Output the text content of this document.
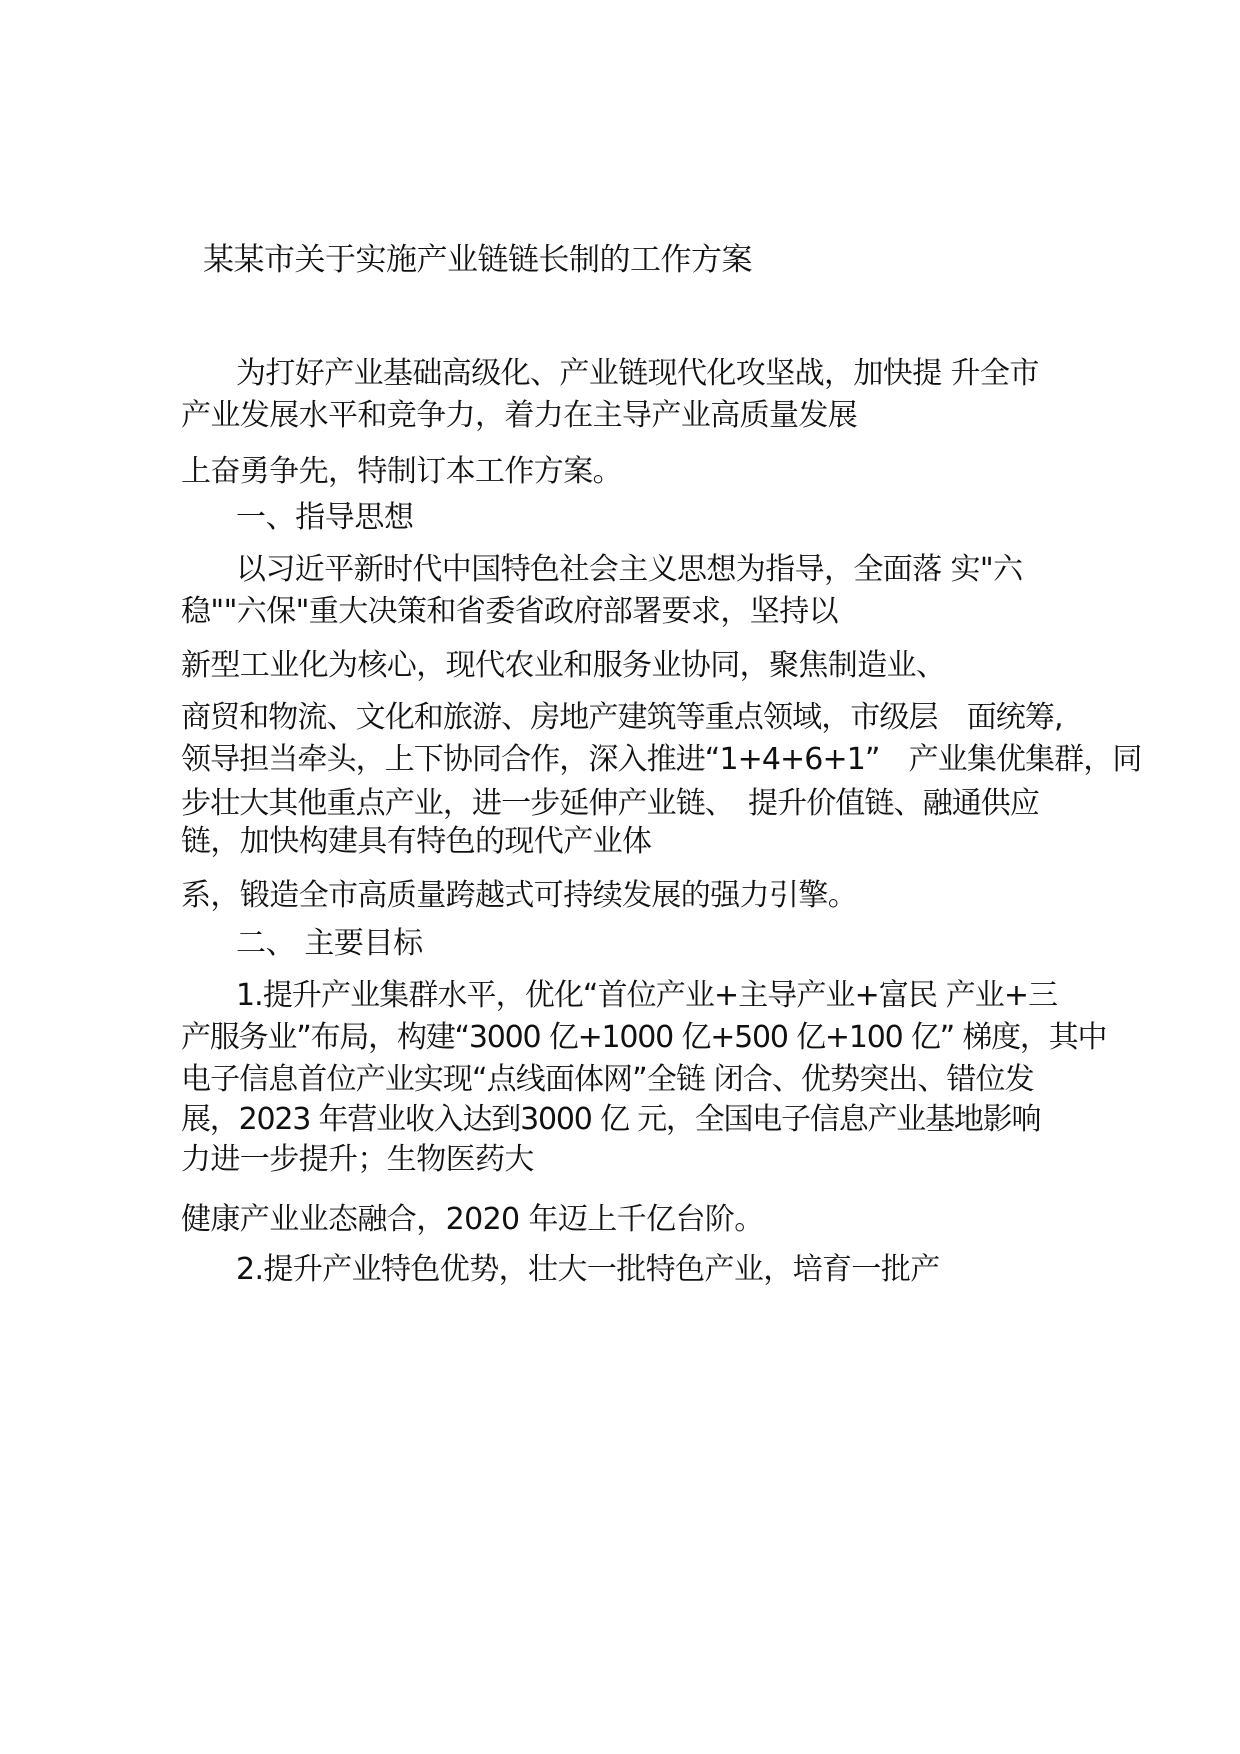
某某市关于实施产业链链长制的工作方案

为打好产业基础高级化、产业链现代化攻坚战，加快提 升全市

产业发展水平和竞争力，着力在主导产业高质量发展

上奋勇争先，特制订本工作方案。

一、指导思想

以习近平新时代中国特色社会主义思想为指导，全面落 实"六

稳""六保"重大决策和省委省政府部署要求，坚持以

新型工业化为核心，现代农业和服务业协同，聚焦制造业、

商贸和物流、文化和旅游、房地产建筑等重点领域，市级层　面统筹,

领导担当牵头，上下协同合作，深入推进“1+4+6+1”　产业集优集群，同

步壮大其他重点产业，进一步延伸产业链、　提升价值链、融通供应

链，加快构建具有特色的现代产业体

系，锻造全市高质量跨越式可持续发展的强力引擎。

二、 主要目标

1.提升产业集群水平，优化“首位产业+主导产业+富民 产业+三

产服务业”布局，构建“3000 亿+1000 亿+500 亿+100 亿” 梯度，其中

电子信息首位产业实现“点线面体网”全链 闭合、优势突出、错位发

展，2023 年营业收入达到3000 亿 元，全国电子信息产业基地影响

力进一步提升；生物医药大

健康产业业态融合，2020 年迈上千亿台阶。

2.提升产业特色优势，壮大一批特色产业，培育一批产
